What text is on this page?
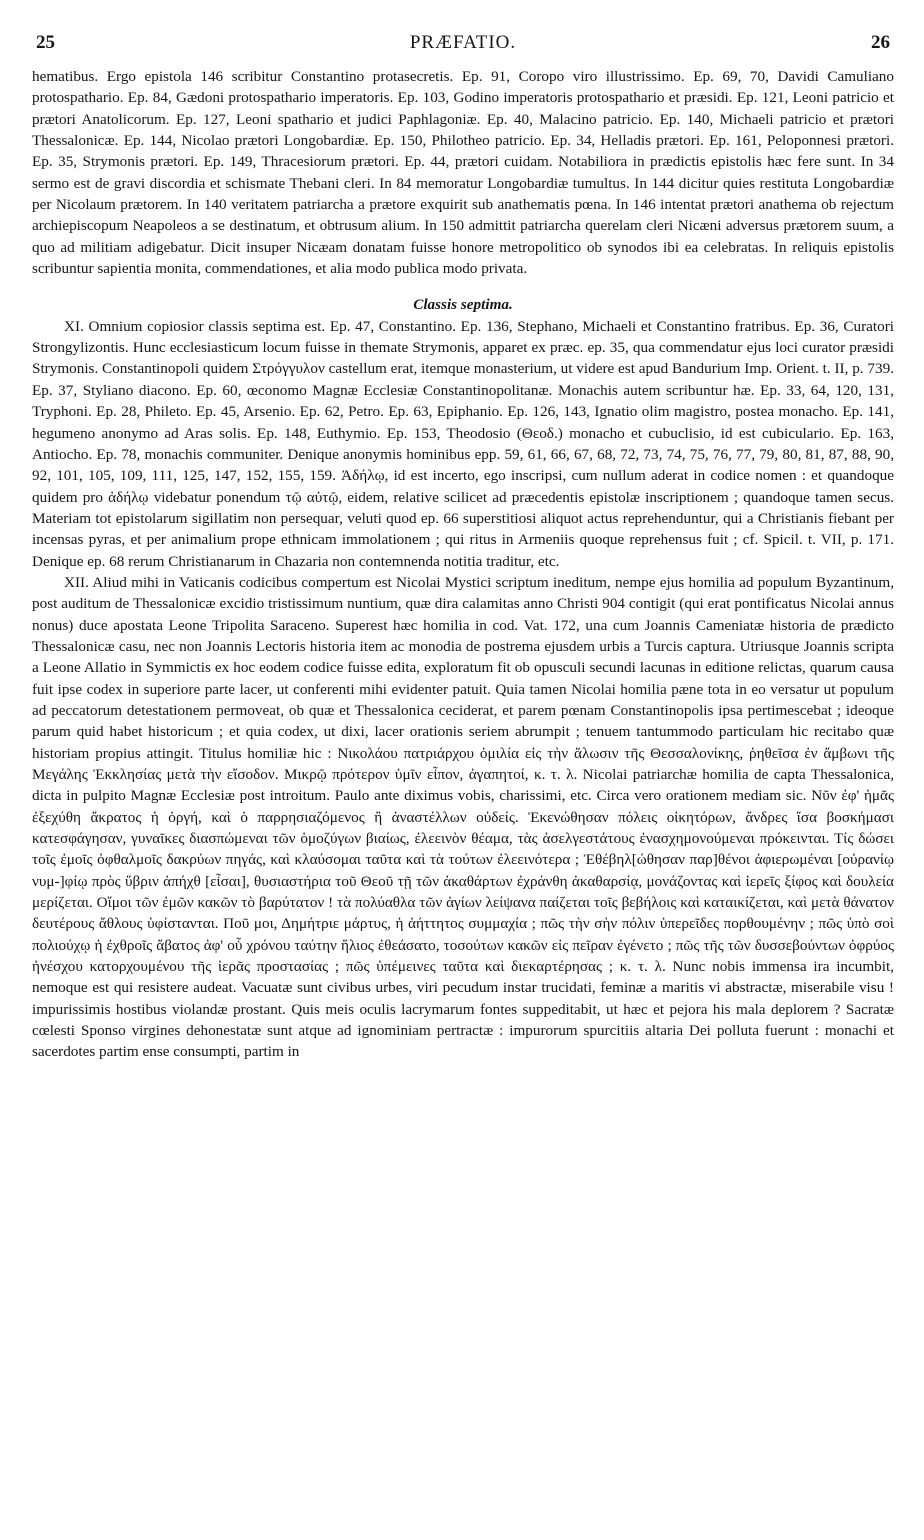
25	PRÆFATIO.	26

hematibus. Ergo epistola 146 scribitur Constantino protasecretis. Ep. 91, Coropo viro illustrissimo. Ep. 69, 70, Davidi Camuliano protospathario. Ep. 84, Gædoni protospathario imperatoris. Ep. 103, Godino imperatoris protospathario et præsidi. Ep. 121, Leoni patricio et prætori Anatolicorum. Ep. 127, Leoni spathario et judici Paphlagoniæ. Ep. 40, Malacino patricio. Ep. 140, Michaeli patricio et prætori Thessalonicæ. Ep. 144, Nicolao prætori Longobardiæ. Ep. 150, Philotheo patricio. Ep. 34, Helladis prætori. Ep. 161, Peloponnesi prætori. Ep. 35, Strymonis prætori. Ep. 149, Thracesiorum prætori. Ep. 44, prætori cuidam. Notabiliora in prædictis epistolis hæc fere sunt. In 34 sermo est de gravi discordia et schismate Thebani cleri. In 84 memoratur Longobardiæ tumultus. In 144 dicitur quies restituta Longobardiæ per Nicolaum prætorem. In 140 veritatem patriarcha a prætore exquirit sub anathematis pœna. In 146 intentat prætori anathema ob rejectum archiepiscopum Neapoleos a se destinatum, et obtrusum alium. In 150 admittit patriarcha querelam cleri Nicæni adversus prætorem suum, a quo ad militiam adigebatur. Dicit insuper Nicæam donatam fuisse honore metropolitico ob synodos ibi ea celebratas. In reliquis epistolis scribuntur sapientia monita, commendationes, et alia modo publica modo privata.

Classis septima.

XI. Omnium copiosior classis septima est. Ep. 47, Constantino. Ep. 136, Stephano, Michaeli et Constantino fratribus. Ep. 36, Curatori Strongylizontis. Hunc ecclesiasticum locum fuisse in themate Strymonis, apparet ex præc. ep. 35, qua commendatur ejus loci curator præsidi Strymonis. Constantinopoli quidem Στρόγγυλον castellum erat, itemque monasterium, ut videre est apud Bandurium Imp. Orient. t. II, p. 739. Ep. 37, Styliano diacono. Ep. 60, œconomo Magnæ Ecclesiæ Constantinopolitanæ. Monachis autem scribuntur hæ. Ep. 33, 64, 120, 131, Tryphoni. Ep. 28, Phileto. Ep. 45, Arsenio. Ep. 62, Petro. Ep. 63, Epiphanio. Ep. 126, 143, Ignatio olim magistro, postea monacho. Ep. 141, hegumeno anonymo ad Aras solis. Ep. 148, Euthymio. Ep. 153, Theodosio (Θεοδ.) monacho et cubuclisio, id est cubiculario. Ep. 163, Antiocho. Ep. 78, monachis communiter. Denique anonymis hominibus epp. 59, 61, 66, 67, 68, 72, 73, 74, 75, 76, 77, 79, 80, 81, 87, 88, 90, 92, 101, 105, 109, 111, 125, 147, 152, 155, 159. Ἀδήλῳ, id est incerto, ego inscripsi, cum nullum aderat in codice nomen : et quandoque quidem pro ἀδήλῳ videbatur ponendum τῷ αὐτῷ, eidem, relative scilicet ad præcedentis epistolæ inscriptionem ; quandoque tamen secus. Materiam tot epistolarum sigillatim non persequar, veluti quod ep. 66 superstitiosi aliquot actus reprehenduntur, qui a Christianis fiebant per incensas pyras, et per animalium prope ethnicam immolationem ; qui ritus in Armeniis quoque reprehensus fuit ; cf. Spicil. t. VII, p. 171. Denique ep. 68 rerum Christianarum in Chazaria non contemnenda notitia traditur, etc.

XII. Aliud mihi in Vaticanis codicibus compertum est Nicolai Mystici scriptum ineditum, nempe ejus homilia ad populum Byzantinum, post auditum de Thessalonicæ excidio tristissimum nuntium, quæ dira calamitas anno Christi 904 contigit (qui erat pontificatus Nicolai annus nonus) duce apostata Leone Tripolita Saraceno. Superest hæc homilia in cod. Vat. 172, una cum Joannis Cameniatæ historia de prædicto Thessalonicæ casu, nec non Joannis Lectoris historia item ac monodia de postrema ejusdem urbis a Turcis captura. Utriusque Joannis scripta a Leone Allatio in Symmictis ex hoc eodem codice fuisse edita, exploratum fit ob opusculi secundi lacunas in editione relictas, quarum causa fuit ipse codex in superiore parte lacer, ut conferenti mihi evidenter patuit. Quia tamen Nicolai homilia pæne tota in eo versatur ut populum ad peccatorum detestationem permoveat, ob quæ et Thessalonica ceciderat, et parem pœnam Constantinopolis ipsa pertimescebat ; ideoque parum quid habet historicum ; et quia codex, ut dixi, lacer orationis seriem abrumpit ; tenuem tantummodo particulam hic recitabo quæ historiam propius attingit. Titulus homiliæ hic : Νικολάου πατριάρχου ὁμιλία εἰς τὴν ἅλωσιν τῆς Θεσσαλονίκης, ῥηθεῖσα ἐν ἄμβωνι τῆς Μεγάλης Ἐκκλησίας μετὰ τὴν εἴσοδον. Μικρῷ πρότερον ὑμῖν εἶπον, ἀγαπητοί, κ. τ. λ. Nicolai patriarchæ homilia de capta Thessalonica, dicta in pulpito Magnæ Ecclesiæ post introitum. Paulo ante diximus vobis, charissimi, etc. Circa vero orationem mediam sic. Νῦν ἐφ' ἡμᾶς ἐξεχύθη ἄκρατος ἡ ὀργή, καὶ ὁ παρρησιαζόμενος ἢ ἀναστέλλων οὐδείς. Ἐκενώθησαν πόλεις οἰκητόρων, ἄνδρες ἴσα βοσκήμασι κατεσφάγησαν, γυναῖκες διασπώμεναι τῶν ὁμοζύγων βιαίως, ἐλεεινὸν θέαμα, τὰς ἀσελγεστάτους ἐνασχημονούμεναι πρόκεινται. Τίς δώσει τοῖς ἐμοῖς ὀφθαλμοῖς δακρύων πηγάς, καὶ κλαύσομαι ταῦτα καὶ τὰ τούτων ἐλεεινότερα ; Ἐθέβηλ[ώθησαν παρ]θένοι ἀφιερωμέναι [οὐρανίῳ νυμ-]φίῳ πρὸς ὕβριν ἀπήχθ [εἶσαι], θυσιαστήρια τοῦ Θεοῦ τῇ τῶν ἀκαθάρτων ἐχράνθη ἀκαθαρσίᾳ, μονάζοντας καὶ ἱερεῖς ξίφος καὶ δουλεία μερίζεται. Οἴμοι τῶν ἐμῶν κακῶν τὸ βαρύτατον ! τὰ πολύαθλα τῶν ἁγίων λείψανα παίζεται τοῖς βεβήλοις καὶ καταικίζεται, καὶ μετὰ θάνατον δευτέρους ἄθλους ὑφίστανται. Ποῦ μοι, Δημήτριε μάρτυς, ἡ ἀήττητος συμμαχία ; πῶς τὴν σὴν πόλιν ὑπερεῖδες πορθουμένην ; πῶς ὑπὸ σοὶ πολιούχῳ ἡ ἐχθροῖς ἄβατος ἀφ' οὗ χρόνου ταύτην ἥλιος ἐθεάσατο, τοσούτων κακῶν εἰς πεῖραν ἐγένετο ; πῶς τῆς τῶν δυσσεβούντων ὀφρύος ἠνέσχου κατορχουμένου τῆς ἱερᾶς προστασίας ; πῶς ὑπέμεινες ταῦτα καὶ διεκαρτέρησας ; κ. τ. λ. Nunc nobis immensa ira incumbit, nemoque est qui resistere audeat. Vacuatæ sunt civibus urbes, viri pecudum instar trucidati, feminæ a maritis vi abstractæ, miserabile visu ! impurissimis hostibus violandæ prostant. Quis meis oculis lacrymarum fontes suppeditabit, ut hæc et pejora his mala deplorem ? Sacratæ cœlesti Sponso virgines dehonestatæ sunt atque ad ignominiam pertractæ : impurorum spurcitiis altaria Dei polluta fuerunt : monachi et sacerdotes partim ense consumpti, partim in
